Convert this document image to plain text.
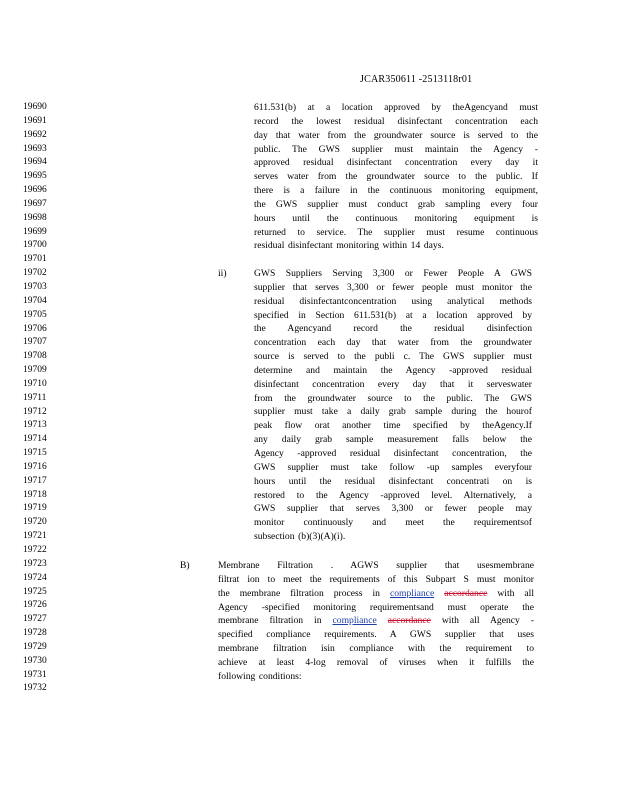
JCAR350611 -2513118r01
19690
19691
19692
19693
19694
19695
19696
19697
19698
19699
19700
19701
19702
19703
19704
19705
19706
19707
19708
19709
19710
19711
19712
19713
19714
19715
19716
19717
19718
19719
19720
19721
19722
19723
19724
19725
19726
19727
19728
19729
19730
19731
19732
611.531(b) at a location approved by theAgencyand must
record the lowest residual disinfectant concentration each
day that water from the groundwater source is served to the
public. The GWS supplier must maintain the Agency -
approved residual disinfectant concentration every day it
serves water from the groundwater source to the public. If
there is a failure in the continuous monitoring equipment,
the GWS supplier must conduct grab sampling every four
hours until the continuous monitoring equipment is
returned to service. The supplier must resume continuous
residual disinfectant monitoring within 14 days.
ii)	GWS Suppliers Serving 3,300 or Fewer People A GWS
supplier that serves 3,300 or fewer people must monitor the
residual disinfectantconcentration using analytical methods
specified in Section 611.531(b) at a location approved by
the Agencyand record the residual disinfection
concentration each day that water from the groundwater
source is served to the publi c. The GWS supplier must
determine and maintain the Agency -approved residual
disinfectant concentration every day that it serveswater
from the groundwater source to the public. The GWS
supplier must take a daily grab sample during the hourof
peak flow orat another time specified by theAgency.If
any daily grab sample measurement falls below the
Agency -approved residual disinfectant concentration, the
GWS supplier must take follow -up samples everyfour
hours until the residual disinfectant concentrati on is
restored to the Agency -approved level. Alternatively, a
GWS supplier that serves 3,300 or fewer people may
monitor continuously and meet the requirementsof
subsection (b)(3)(A)(i).
B)	Membrane Filtration . AGWS supplier that usesmembrane
filtrat ion to meet the requirements of this Subpart S must monitor
the membrane filtration process in compliance accordance with all
Agency -specified monitoring requirementsand must operate the
membrane filtration in compliance accordance with all Agency -
specified compliance requirements. A GWS supplier that uses
membrane filtration isin compliance with the requirement to
achieve at least 4-log removal of viruses when it fulfills the
following conditions:
